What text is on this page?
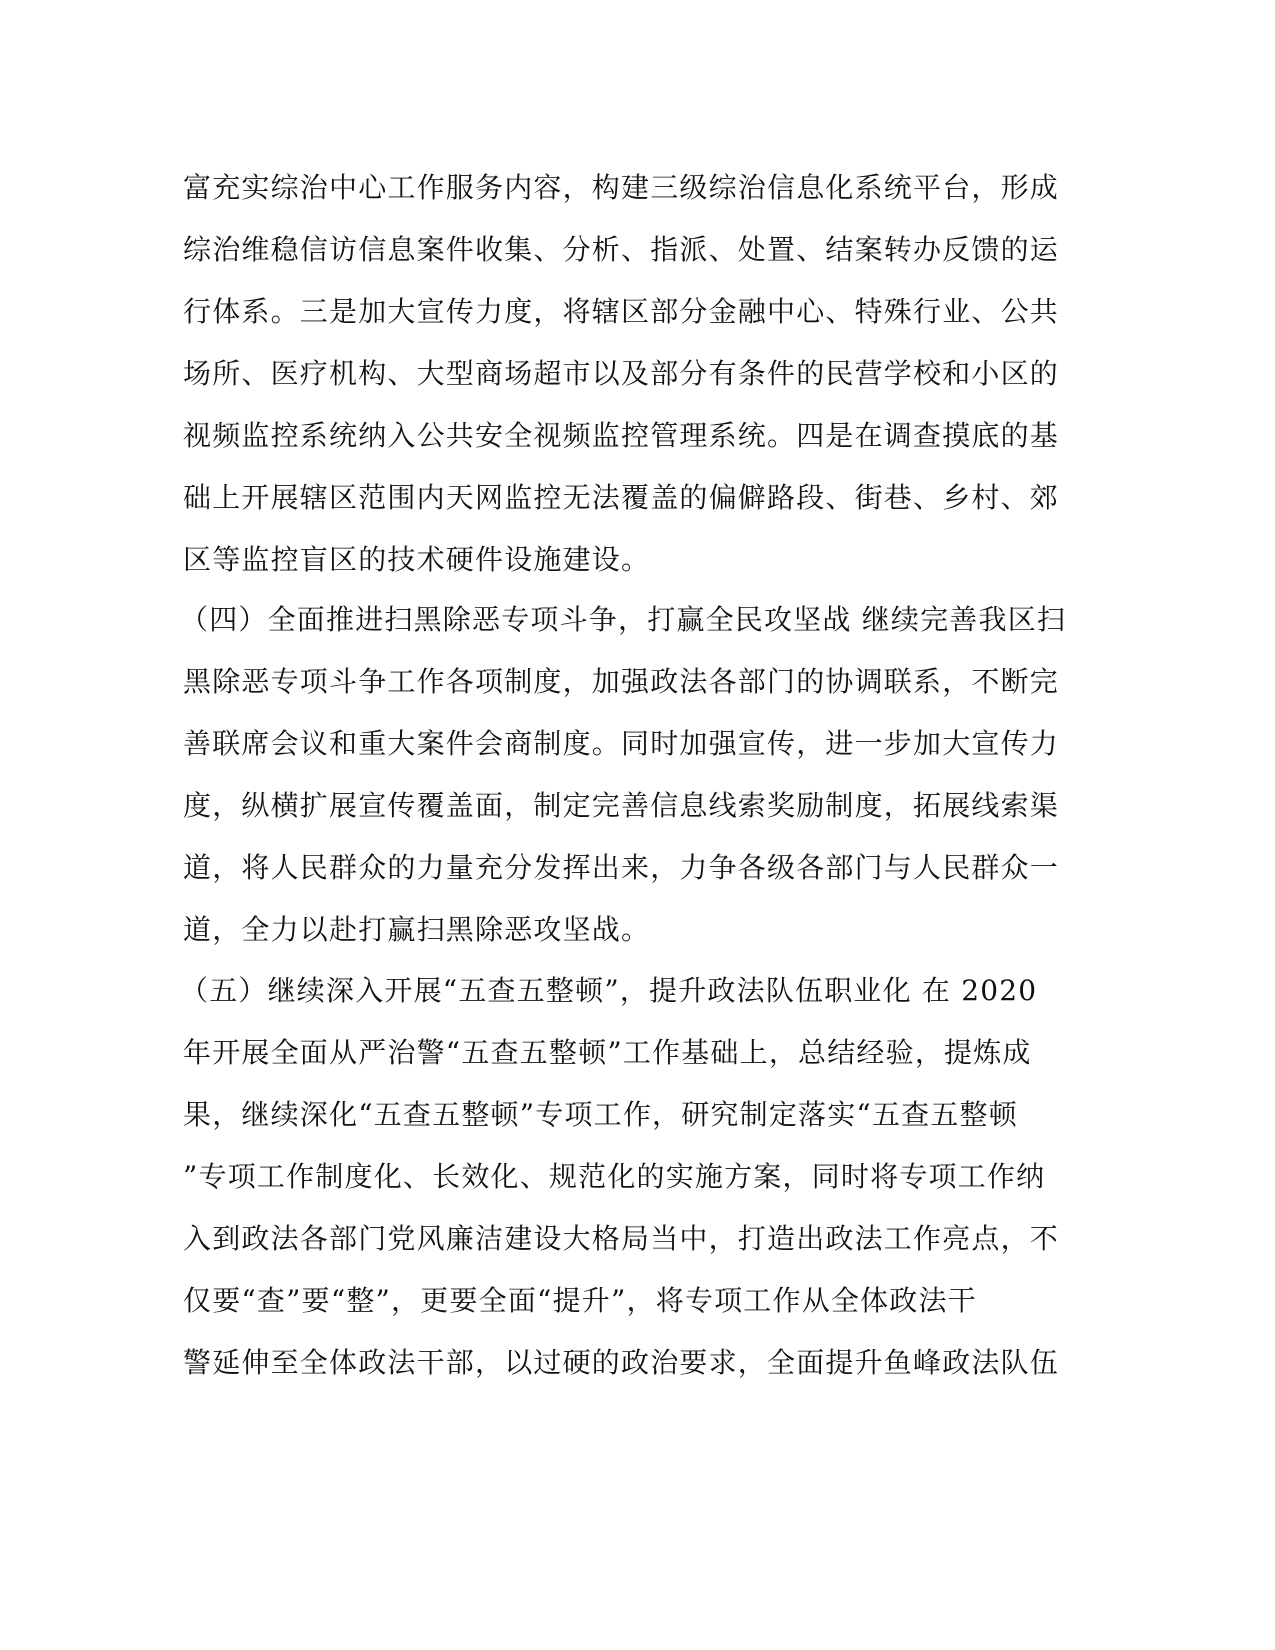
富充实综治中心工作服务内容，构建三级综治信息化系统平台，形成

综治维稳信访信息案件收集、分析、指派、处置、结案转办反馈的运

行体系。三是加大宣传力度，将辖区部分金融中心、特殊行业、公共

场所、医疗机构、大型商场超市以及部分有条件的民营学校和小区的

视频监控系统纳入公共安全视频监控管理系统。四是在调查摸底的基

础上开展辖区范围内天网监控无法覆盖的偏僻路段、街巷、乡村、郊

区等监控盲区的技术硬件设施建设。

（四）全面推进扫黑除恶专项斗争，打赢全民攻坚战 继续完善我区扫

黑除恶专项斗争工作各项制度，加强政法各部门的协调联系，不断完

善联席会议和重大案件会商制度。同时加强宣传，进一步加大宣传力

度，纵横扩展宣传覆盖面，制定完善信息线索奖励制度，拓展线索渠

道，将人民群众的力量充分发挥出来，力争各级各部门与人民群众一

道，全力以赴打赢扫黑除恶攻坚战。

（五）继续深入开展“五查五整顿”，提升政法队伍职业化 在 2020

年开展全面从严治警“五查五整顿”工作基础上，总结经验，提炼成

果，继续深化“五查五整顿”专项工作，研究制定落实“五查五整顿

”专项工作制度化、长效化、规范化的实施方案，同时将专项工作纳

入到政法各部门党风廉洁建设大格局当中，打造出政法工作亮点，不

仅要“查”要“整”，更要全面“提升”，将专项工作从全体政法干

警延伸至全体政法干部，以过硬的政治要求，全面提升鱼峰政法队伍
